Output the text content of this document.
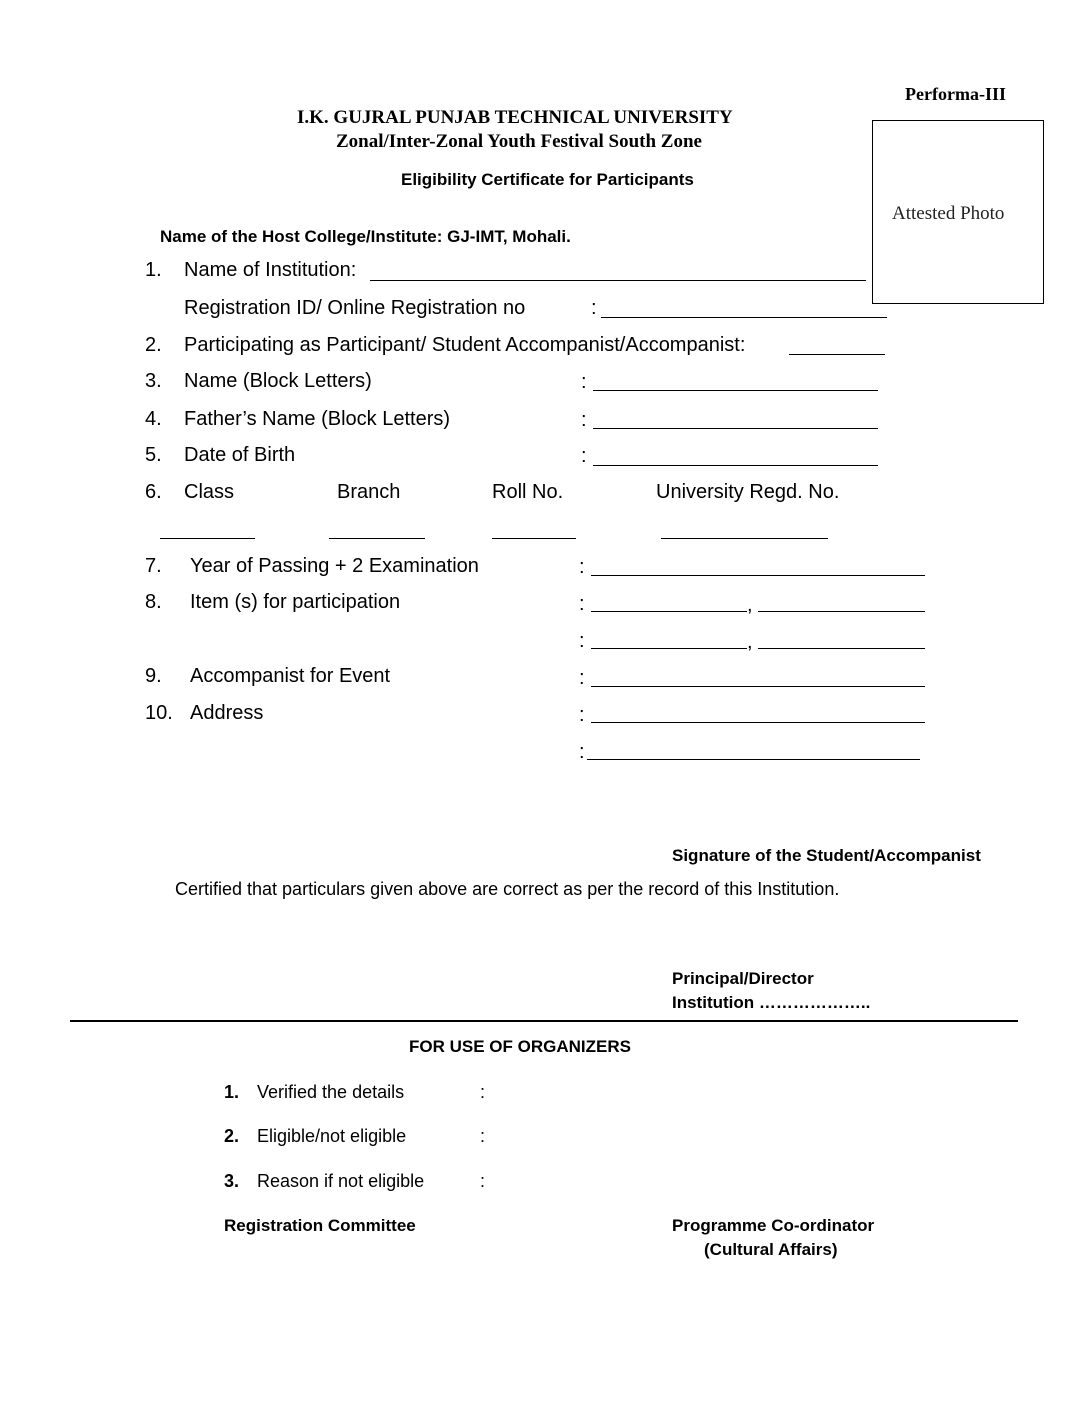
Performa-III
I.K. GUJRAL PUNJAB TECHNICAL UNIVERSITY
Zonal/Inter-Zonal Youth Festival South Zone
Eligibility Certificate for Participants
Attested Photo
Name of the Host College/Institute: GJ-IMT, Mohali.
1. Name of Institution:
Registration ID/ Online Registration no	:
2. Participating as Participant/ Student Accompanist/Accompanist:
3. Name (Block Letters)	:
4. Father’s Name (Block Letters)	:
5. Date of Birth	:
6. Class	Branch	Roll No.	University Regd. No.
7. Year of Passing + 2 Examination	:
8. Item (s) for participation	:	,
:	,
9. Accompanist for Event	:
10. Address	:
:
Signature of the Student/Accompanist
Certified that particulars given above are correct as per the record of this Institution.
Principal/Director
Institution ………………..
FOR USE OF ORGANIZERS
1. Verified the details	:
2. Eligible/not eligible	:
3. Reason if not eligible	:
Registration Committee	Programme Co-ordinator
(Cultural Affairs)
